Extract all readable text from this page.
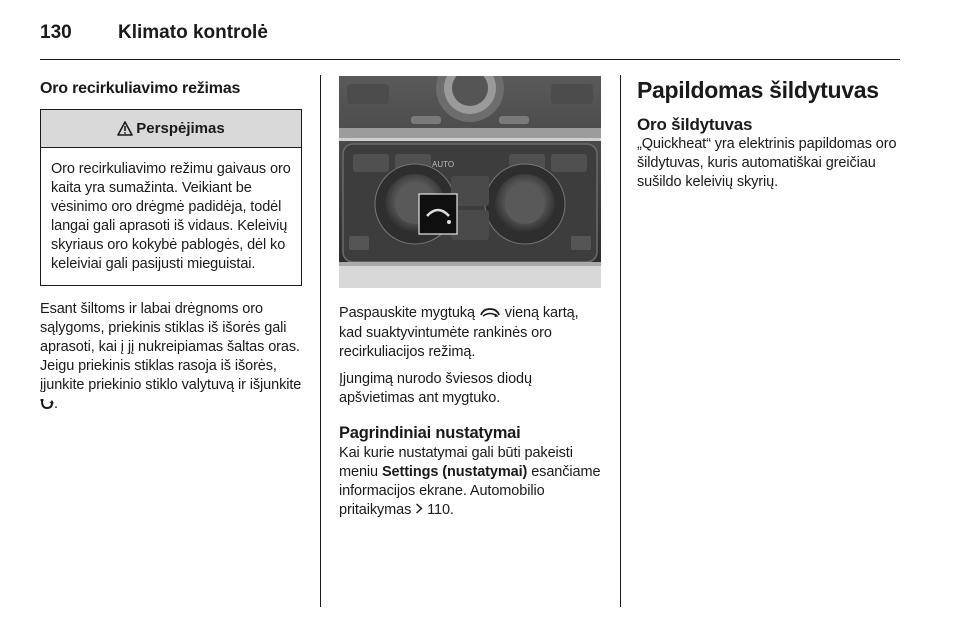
130 Klimato kontrolė
Oro recirkuliavimo režimas
Perspėjimas
Oro recirkuliavimo režimu gaivaus oro kaita yra sumažinta. Veikiant be vėsinimo oro drėgmė padidėja, todėl langai gali aprasoti iš vidaus. Keleivių skyriaus oro kokybė pablogės, dėl ko keleiviai gali pasijusti mieguistai.
Esant šiltoms ir labai drėgnoms oro sąlygoms, priekinis stiklas iš išorės gali aprasoti, kai į jį nukreipiamas šaltas oras. Jeigu priekinis stiklas rasoja iš išorės, įjunkite priekinio stiklo valytuvą ir išjunkite .
AUTO
Paspauskite mygtuką vieną kartą, kad suaktyvintumėte rankinės oro recirkuliacijos režimą.
Įjungimą nurodo šviesos diodų apšvietimas ant mygtuko.
Pagrindiniai nustatymai
Kai kurie nustatymai gali būti pakeisti meniu Settings (nustatymai) esančiame informacijos ekrane. Automobilio pritaikymas 110.
Papildomas šildytuvas
Oro šildytuvas
„Quickheat“ yra elektrinis papildomas oro šildytuvas, kuris automatiškai greičiau sušildo keleivių skyrių.
